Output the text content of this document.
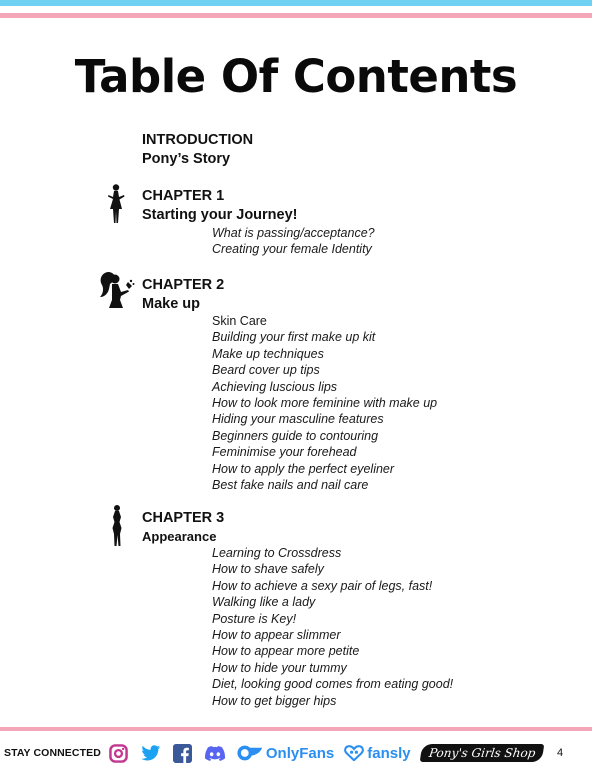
Table Of Contents
INTRODUCTION
Pony’s Story
CHAPTER 1
Starting your Journey!
What is passing/acceptance?
Creating your female Identity
CHAPTER 2
Make up
Skin Care
Building your first make up kit
Make up techniques
Beard cover up tips
Achieving luscious lips
How to look more feminine with make up
Hiding your masculine features
Beginners guide to contouring
Feminimise your forehead
How to apply the perfect eyeliner
Best fake nails and nail care
CHAPTER 3
Appearance
Learning to Crossdress
How to shave safely
How to achieve a sexy pair of legs, fast!
Walking like a lady
Posture is Key!
How to appear slimmer
How to appear more petite
How to hide your tummy
Diet, looking good comes from eating good!
How to get bigger hips
STAY CONNECTED	OnlyFans fansly	Pony's Girls Shop	4
